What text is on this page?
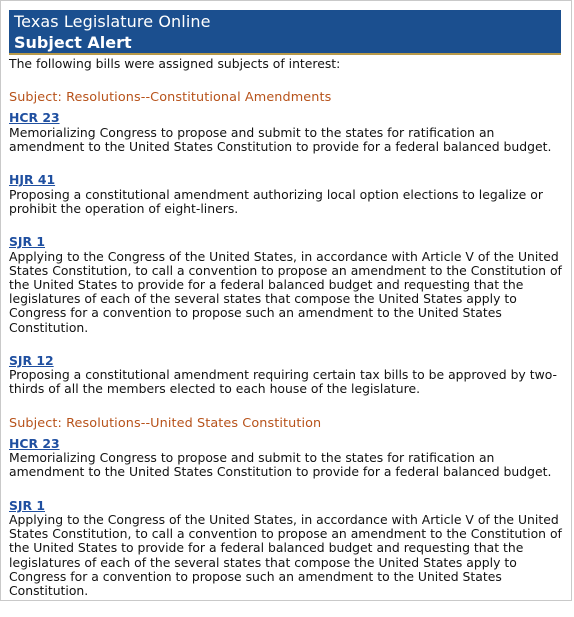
Texas Legislature Online
Subject Alert

The following bills were assigned subjects of interest:

Subject: Resolutions--Constitutional Amendments
HCR 23

Memorializing Congress to propose and submit to the states for ratification an amendment to the United States Constitution to provide for a federal balanced budget.

HJR 41

Proposing a constitutional amendment authorizing local option elections to legalize or prohibit the operation of eight-liners.

SJR 1

Applying to the Congress of the United States, in accordance with Article V of the United States Constitution, to call a convention to propose an amendment to the Constitution of the United States to provide for a federal balanced budget and requesting that the legislatures of each of the several states that compose the United States apply to Congress for a convention to propose such an amendment to the United States Constitution.

SJR 12

Proposing a constitutional amendment requiring certain tax bills to be approved by two-thirds of all the members elected to each house of the legislature.

Subject: Resolutions--United States Constitution
HCR 23

Memorializing Congress to propose and submit to the states for ratification an amendment to the United States Constitution to provide for a federal balanced budget.

SJR 1

Applying to the Congress of the United States, in accordance with Article V of the United States Constitution, to call a convention to propose an amendment to the Constitution of the United States to provide for a federal balanced budget and requesting that the legislatures of each of the several states that compose the United States apply to Congress for a convention to propose such an amendment to the United States Constitution.
